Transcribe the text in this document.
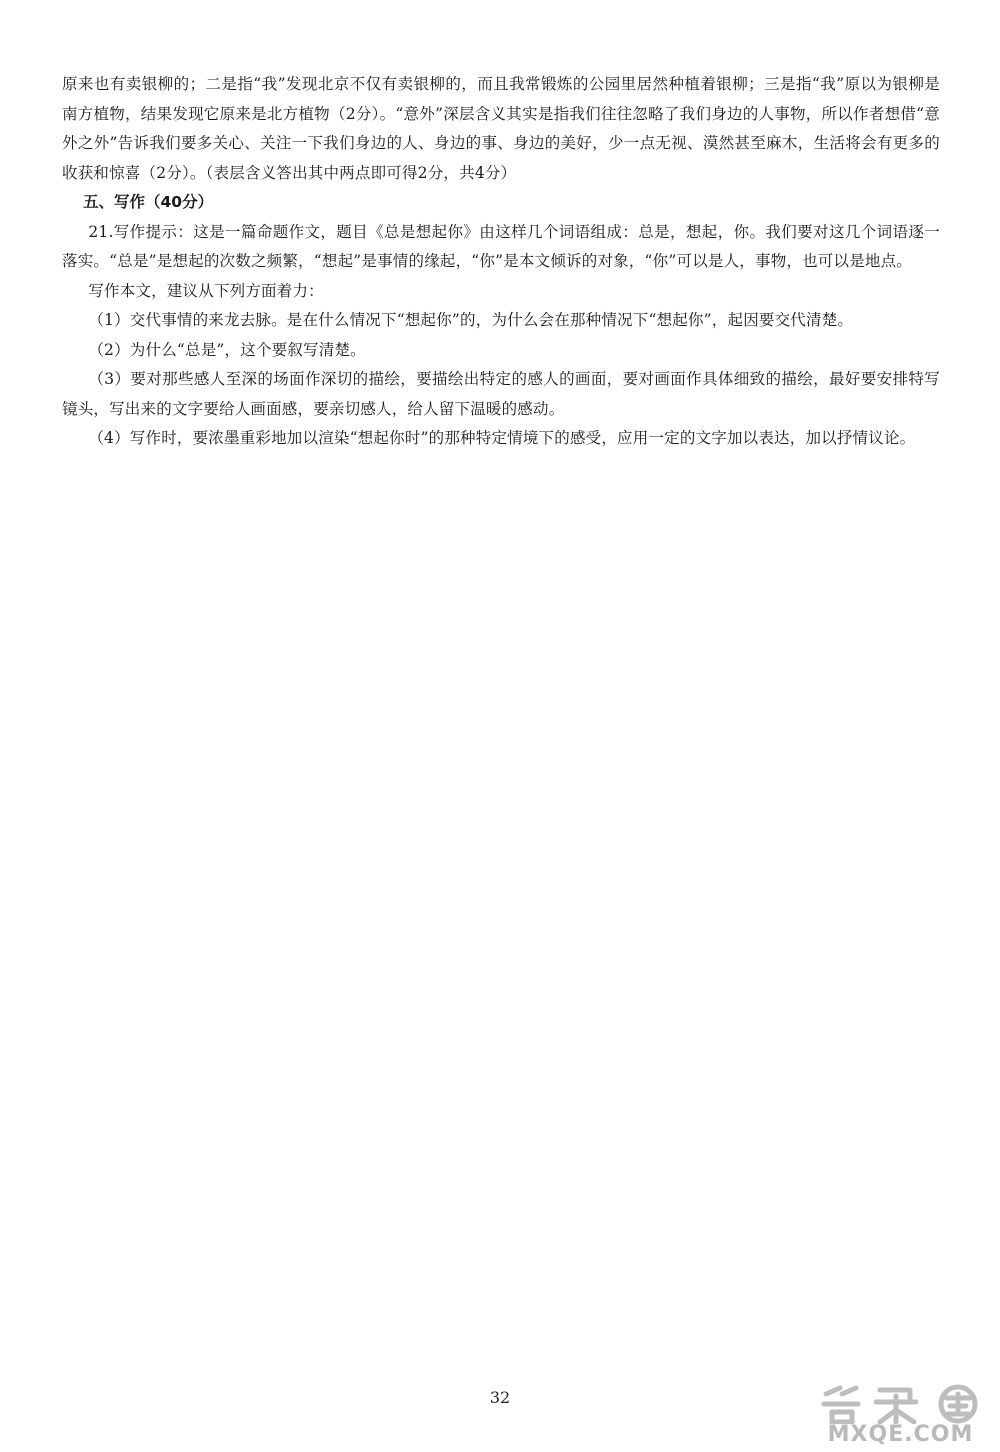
原来也有卖银柳的；二是指“我”发现北京不仅有卖银柳的，而且我常锻炼的公园里居然种植着银柳；三是指“我”原以为银柳是南方植物，结果发现它原来是北方植物（2分）。“意外”深层含义其实是指我们往往忽略了我们身边的人事物，所以作者想借“意外之外”告诉我们要多关心、关注一下我们身边的人、身边的事、身边的美好，少一点无视、漠然甚至麻木，生活将会有更多的收获和惊喜（2分）。（表层含义答出其中两点即可得2分，共4分）

五、写作（40分）

21.写作提示：这是一篇命题作文，题目《总是想起你》由这样几个词语组成：总是，想起，你。我们要对这几个词语逐一落实。“总是”是想起的次数之频繁，“想起”是事情的缘起，“你”是本文倾诉的对象，“你”可以是人，事物，也可以是地点。

写作本文，建议从下列方面着力：

（1）交代事情的来龙去脉。是在什么情况下“想起你”的，为什么会在那种情况下“想起你”，起因要交代清楚。

（2）为什么“总是”，这个要叙写清楚。

（3）要对那些感人至深的场面作深切的描绘，要描绘出特定的感人的画面，要对画面作具体细致的描绘，最好要安排特写镜头，写出来的文字要给人画面感，要亲切感人，给人留下温暖的感动。

（4）写作时，要浓墨重彩地加以渲染“想起你时”的那种特定情境下的感受，应用一定的文字加以表达，加以抒情议论。

32
MXQE.COM
